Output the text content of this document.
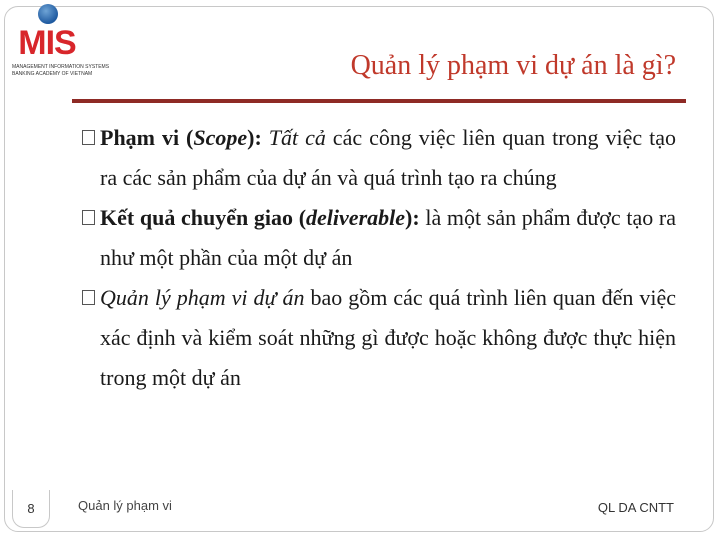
MIS
MANAGEMENT INFORMATION SYSTEMS
BANKING ACADEMY OF VIETNAM	Quản lý phạm vi dự án là gì?
Phạm vi (Scope): Tất cả các công việc liên quan trong việc tạo ra các sản phẩm của dự án và quá trình tạo ra chúng
Kết quả chuyển giao (deliverable): là một sản phẩm được tạo ra như một phần của một dự án
Quản lý phạm vi dự án bao gồm các quá trình liên quan đến việc xác định và kiểm soát những gì được hoặc không được thực hiện trong một dự án
8	Quản lý phạm vi	QL DA CNTT
